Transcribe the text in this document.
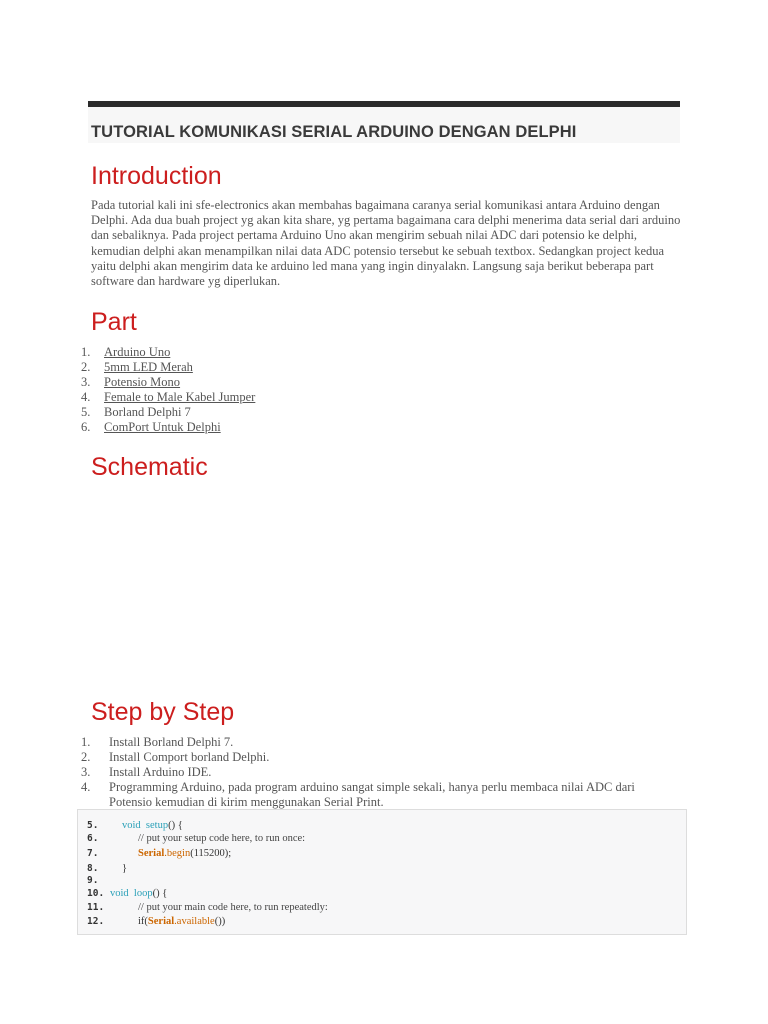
TUTORIAL KOMUNIKASI SERIAL ARDUINO DENGAN DELPHI
Introduction

Pada tutorial kali ini sfe-electronics akan membahas bagaimana caranya serial komunikasi antara Arduino dengan Delphi. Ada dua buah project yg akan kita share, yg pertama bagaimana cara delphi menerima data serial dari arduino dan sebaliknya. Pada project pertama Arduino Uno akan mengirim sebuah nilai ADC dari potensio ke delphi, kemudian delphi akan menampilkan nilai data ADC potensio tersebut ke sebuah textbox. Sedangkan project kedua yaitu delphi akan mengirim data ke arduino led mana yang ingin dinyalakn. Langsung saja berikut beberapa part software dan hardware yg diperlukan.

Part
1. Arduino Uno
2. 5mm LED Merah
3. Potensio Mono
4. Female to Male Kabel Jumper
5. Borland Delphi 7
6. ComPort Untuk Delphi
Schematic
Step by Step
1. Install Borland Delphi 7.
2. Install Comport borland Delphi.
3. Install Arduino IDE.
4. Programming Arduino, pada program arduino sangat simple sekali, hanya perlu membaca nilai ADC dari Potensio kemudian di kirim menggunakan Serial Print.
5.	void setup() {
6.	// put your setup code here, to run once:
7.	Serial.begin(115200);
8.	}
9.
10. void loop() {
11.	// put your main code here, to run repeatedly:
12.	if(Serial.available())
